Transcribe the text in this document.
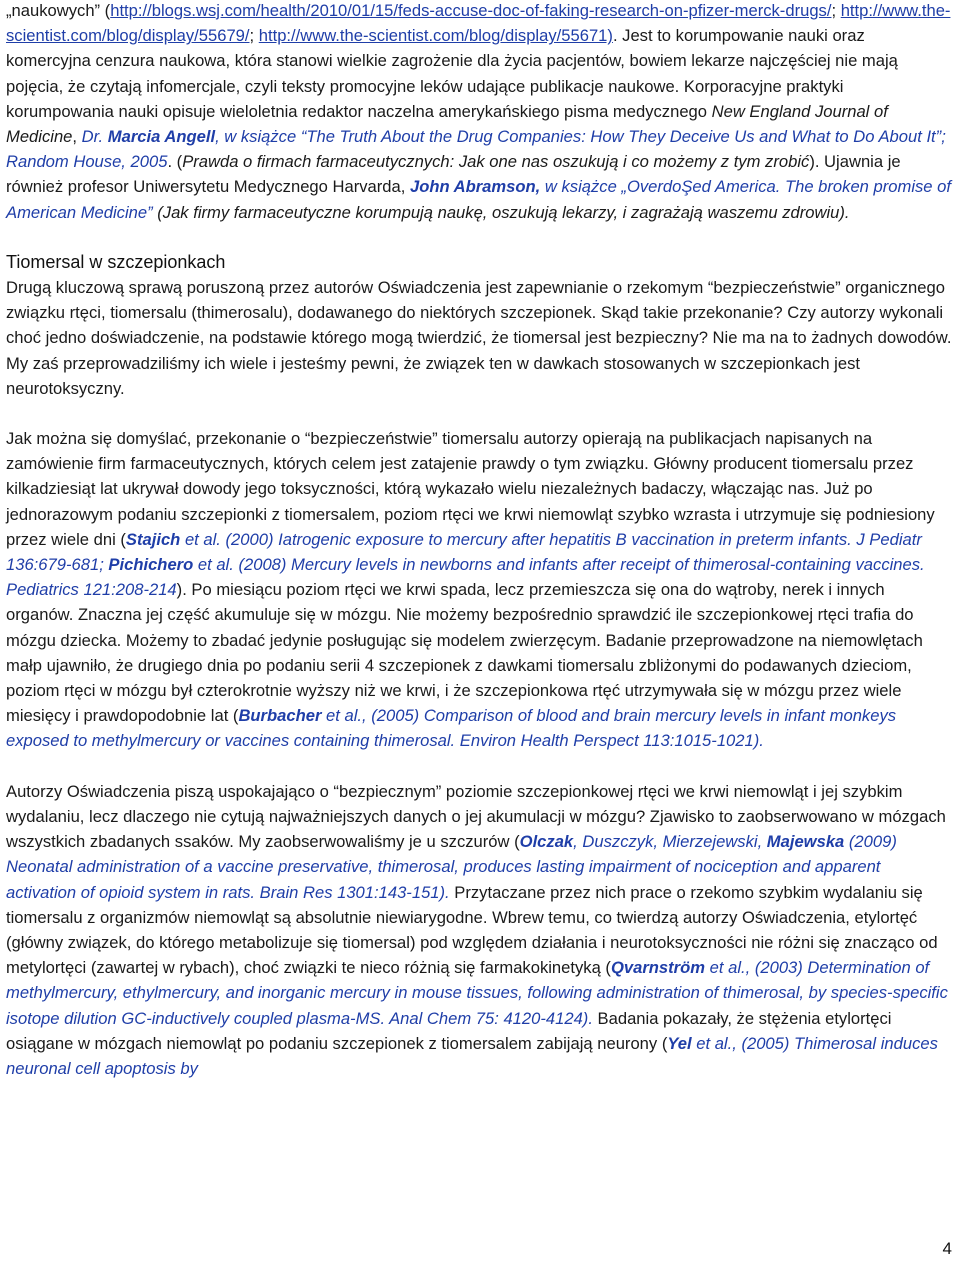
„naukowych” (http://blogs.wsj.com/health/2010/01/15/feds-accuse-doc-of-faking-research-on-pfizer-merck-drugs/; http://www.the-scientist.com/blog/display/55679/; http://www.the-scientist.com/blog/display/55671). Jest to korumpowanie nauki oraz komercyjna cenzura naukowa, która stanowi wielkie zagrożenie dla życia pacjentów, bowiem lekarze najczęściej nie mają pojęcia, że czytają infomercjale, czyli teksty promocyjne leków udające publikacje naukowe. Korporacyjne praktyki korumpowania nauki opisuje wieloletnia redaktor naczelna amerykańskiego pisma medycznego New England Journal of Medicine, Dr. Marcia Angell, w książce “The Truth About the Drug Companies: How They Deceive Us and What to Do About It”; Random House, 2005. (Prawda o firmach farmaceutycznych: Jak one nas oszukują i co możemy z tym zrobić). Ujawnia je również profesor Uniwersytetu Medycznego Harvarda, John Abramson, w książce „OverdoŞed America. The broken promise of American Medicine” (Jak firmy farmaceutyczne korumpują naukę, oszukują lekarzy, i zagrażają waszemu zdrowiu).

Tiomersal w szczepionkach

Drugą kluczową sprawą poruszoną przez autorów Oświadczenia jest zapewnianie o rzekomym “bezpieczeństwie” organicznego związku rtęci, tiomersalu (thimerosalu), dodawanego do niektórych szczepionek. Skąd takie przekonanie? Czy autorzy wykonali choć jedno doświadczenie, na podstawie którego mogą twierdzić, że tiomersal jest bezpieczny? Nie ma na to żadnych dowodów. My zaś przeprowadziliśmy ich wiele i jesteśmy pewni, że związek ten w dawkach stosowanych w szczepionkach jest neurotoksyczny.

Jak można się domyślać, przekonanie o “bezpieczeństwie” tiomersalu autorzy opierają na publikacjach napisanych na zamówienie firm farmaceutycznych, których celem jest zatajenie prawdy o tym związku. Główny producent tiomersalu przez kilkadziesiąt lat ukrywał dowody jego toksyczności, którą wykazało wielu niezależnych badaczy, włączając nas. Już po jednorazowym podaniu szczepionki z tiomersalem, poziom rtęci we krwi niemowląt szybko wzrasta i utrzymuje się podniesiony przez wiele dni (Stajich et al. (2000) Iatrogenic exposure to mercury after hepatitis B vaccination in preterm infants. J Pediatr 136:679-681; Pichichero et al. (2008) Mercury levels in newborns and infants after receipt of thimerosal-containing vaccines. Pediatrics 121:208-214). Po miesiącu poziom rtęci we krwi spada, lecz przemieszcza się ona do wątroby, nerek i innych organów. Znaczna jej część akumuluje się w mózgu. Nie możemy bezpośrednio sprawdzić ile szczepionkowej rtęci trafia do mózgu dziecka. Możemy to zbadać jedynie posługując się modelem zwierzęcym. Badanie przeprowadzone na niemowlętach małp ujawniło, że drugiego dnia po podaniu serii 4 szczepionek z dawkami tiomersalu zbliżonymi do podawanych dzieciom, poziom rtęci w mózgu był czterokrotnie wyższy niż we krwi, i że szczepionkowa rtęć utrzymywała się w mózgu przez wiele miesięcy i prawdopodobnie lat (Burbacher et al., (2005) Comparison of blood and brain mercury levels in infant monkeys exposed to methylmercury or vaccines containing thimerosal. Environ Health Perspect 113:1015-1021).

Autorzy Oświadczenia piszą uspokajająco o “bezpiecznym” poziomie szczepionkowej rtęci we krwi niemowląt i jej szybkim wydalaniu, lecz dlaczego nie cytują najważniejszych danych o jej akumulacji w mózgu? Zjawisko to zaobserwowano w mózgach wszystkich zbadanych ssaków. My zaobserwowaliśmy je u szczurów (Olczak, Duszczyk, Mierzejewski, Majewska (2009) Neonatal administration of a vaccine preservative, thimerosal, produces lasting impairment of nociception and apparent activation of opioid system in rats. Brain Res 1301:143-151). Przytaczane przez nich prace o rzekomo szybkim wydalaniu się tiomersalu z organizmów niemowląt są absolutnie niewiarygodne. Wbrew temu, co twierdzą autorzy Oświadczenia, etylortęć (główny związek, do którego metabolizuje się tiomersal) pod względem działania i neurotoksyczności nie różni się znacząco od metylortęci (zawartej w rybach), choć związki te nieco różnią się farmakokinetyką (Qvarnström et al., (2003) Determination of methylmercury, ethylmercury, and inorganic mercury in mouse tissues, following administration of thimerosal, by species-specific isotope dilution GC-inductively coupled plasma-MS. Anal Chem 75: 4120-4124). Badania pokazały, że stężenia etylortęci osiągane w mózgach niemowląt po podaniu szczepionek z tiomersalem zabijają neurony (Yel et al., (2005) Thimerosal induces neuronal cell apoptosis by

4
